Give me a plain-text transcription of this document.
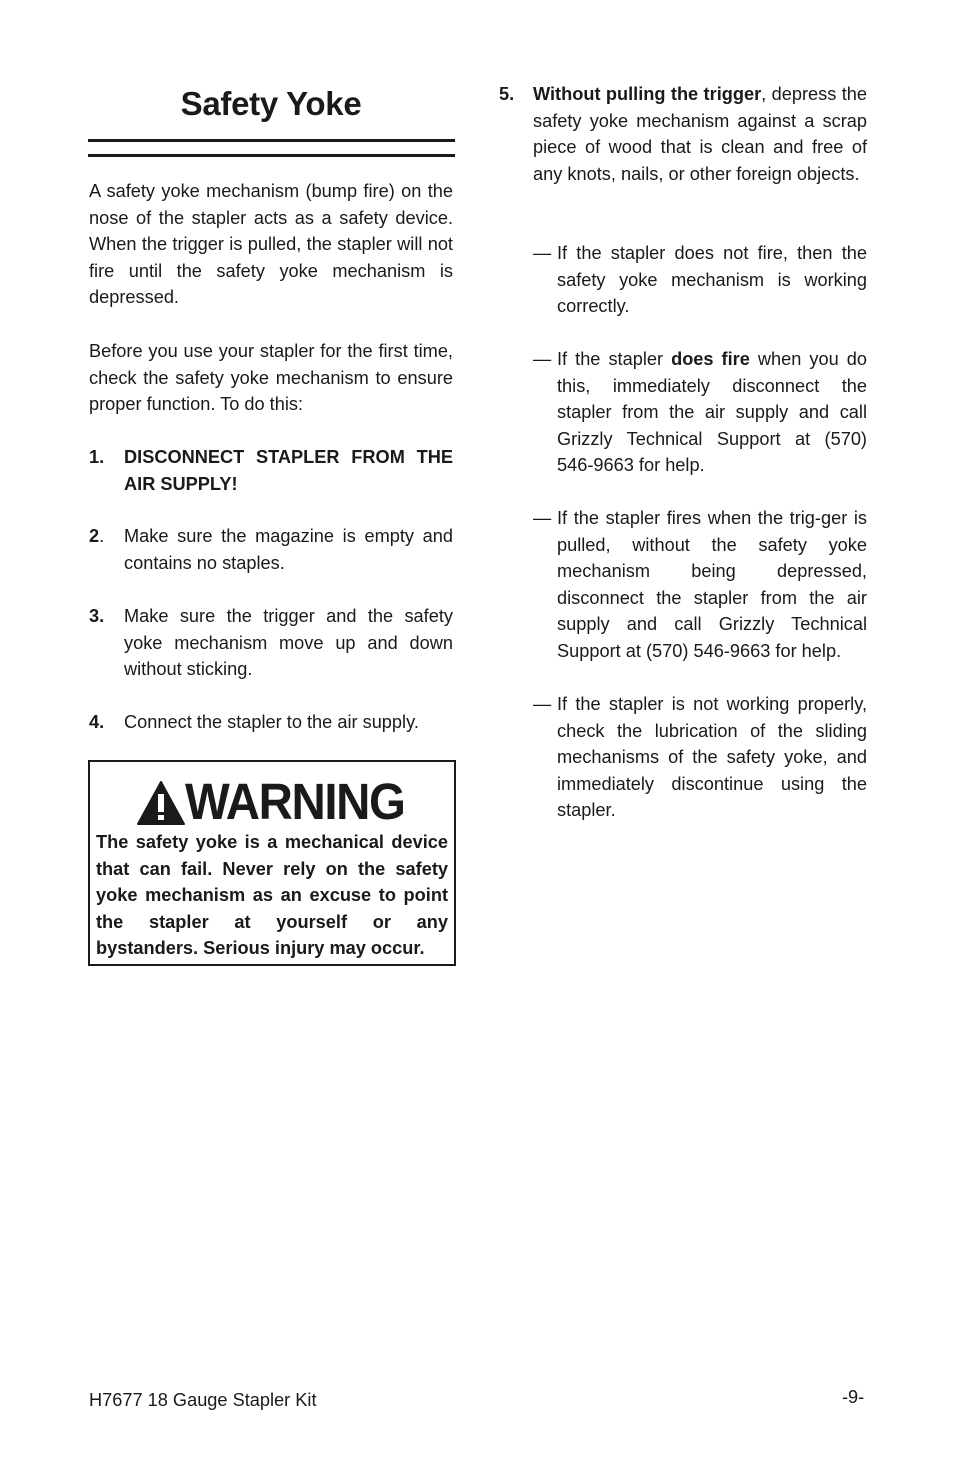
Safety Yoke

A safety yoke mechanism (bump fire) on the nose of the stapler acts as a safety device. When the trigger is pulled, the stapler will not fire until the safety yoke mechanism is depressed.

Before you use your stapler for the first time, check the safety yoke mechanism to ensure proper function. To do this:

1. DISCONNECT STAPLER FROM THE AIR SUPPLY!
2. Make sure the magazine is empty and contains no staples.
3. Make sure the trigger and the safety yoke mechanism move up and down without sticking.
4. Connect the stapler to the air supply.
WARNING

The safety yoke is a mechanical device that can fail. Never rely on the safety yoke mechanism as an excuse to point the stapler at yourself or any bystanders. Serious injury may occur.

5. Without pulling the trigger, depress the safety yoke mechanism against a scrap piece of wood that is clean and free of any knots, nails, or other foreign objects.
— If the stapler does not fire, then the safety yoke mechanism is working correctly.
— If the stapler does fire when you do this, immediately disconnect the stapler from the air supply and call Grizzly Technical Support at (570) 546-9663 for help.
— If the stapler fires when the trig-ger is pulled, without the safety yoke mechanism being depressed, disconnect the stapler from the air supply and call Grizzly Technical Support at (570) 546-9663 for help.
— If the stapler is not working properly, check the lubrication of the sliding mechanisms of the safety yoke, and immediately discontinue using the stapler.
H7677 18 Gauge Stapler Kit	-9-
